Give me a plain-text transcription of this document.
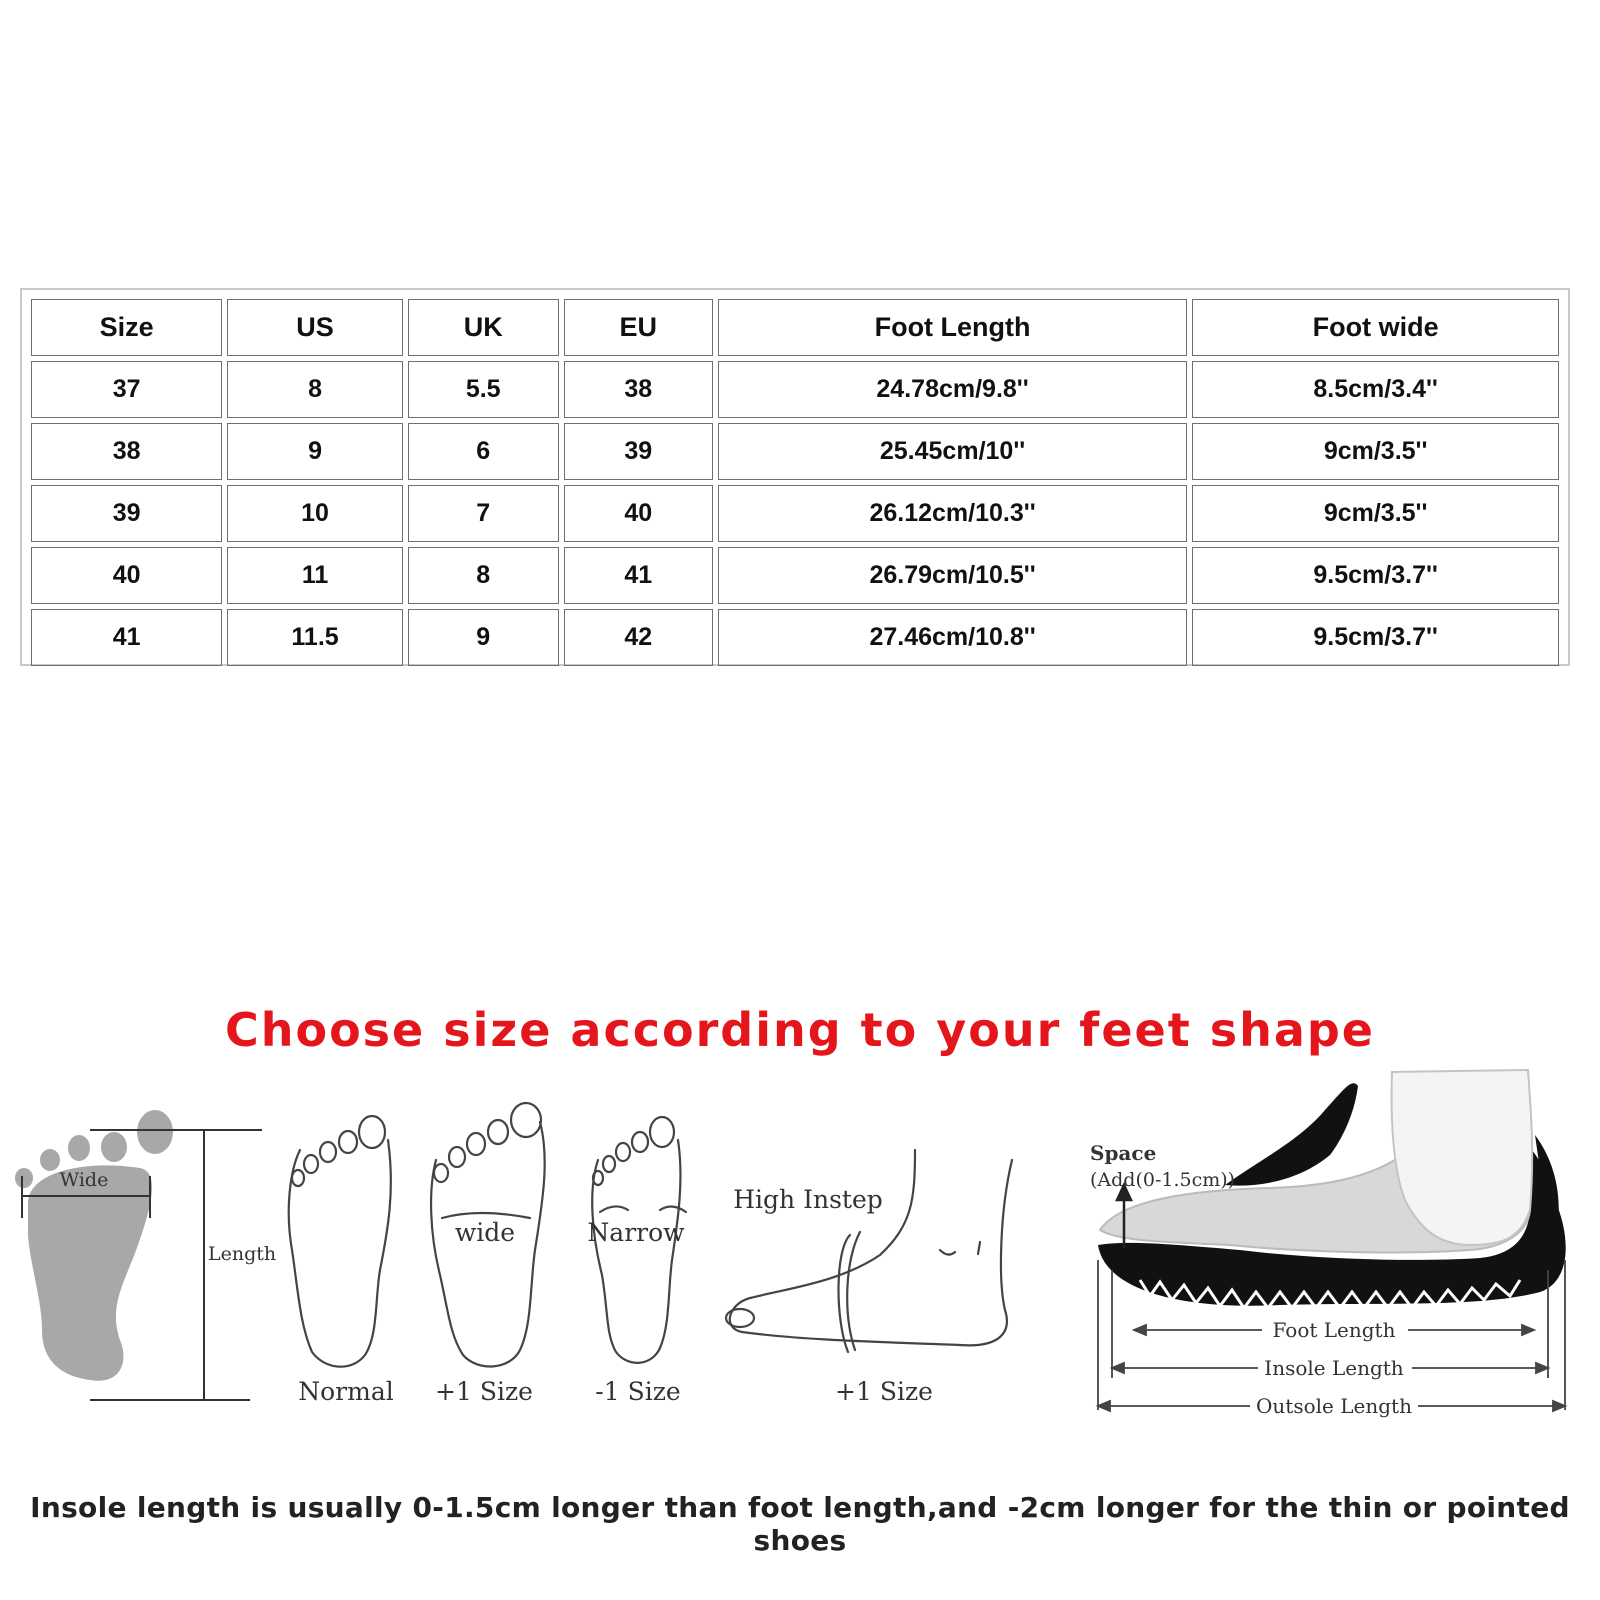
Size	US	UK	EU	Foot Length	Foot wide
37	8	5.5	38	24.78cm/9.8''	8.5cm/3.4''
38	9	6	39	25.45cm/10''	9cm/3.5''
39	10	7	40	26.12cm/10.3''	9cm/3.5''
40	11	8	41	26.79cm/10.5''	9.5cm/3.7''
41	11.5	9	42	27.46cm/10.8''	9.5cm/3.7''
Choose size according to your feet shape
Wide
Length
Normal
wide
+1 Size
Narrow
-1 Size
High Instep
+1 Size
Space
(Add(0-1.5cm))
Foot Length
Insole Length
Outsole Length
Insole length is usually 0-1.5cm longer than foot length,and -2cm longer for the thin or pointed shoes
